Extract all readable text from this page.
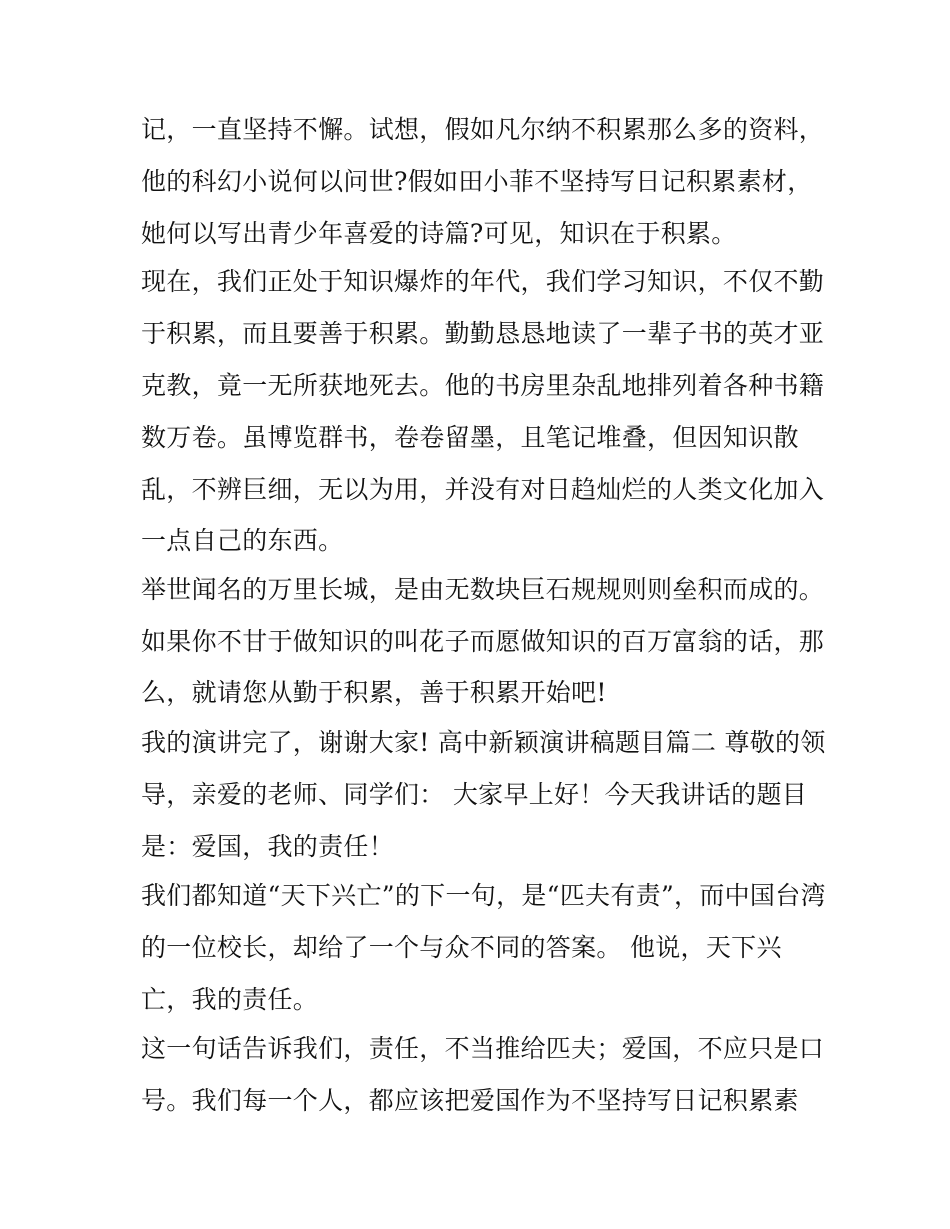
记，一直坚持不懈。试想，假如凡尔纳不积累那么多的资料，
他的科幻小说何以问世?假如田小菲不坚持写日记积累素材，
她何以写出青少年喜爱的诗篇?可见，知识在于积累。
现在，我们正处于知识爆炸的年代，我们学习知识，不仅不勤
于积累，而且要善于积累。勤勤恳恳地读了一辈子书的英才亚
克教，竟一无所获地死去。他的书房里杂乱地排列着各种书籍
数万卷。虽博览群书，卷卷留墨，且笔记堆叠，但因知识散
乱，不辨巨细，无以为用，并没有对日趋灿烂的人类文化加入
一点自己的东西。
举世闻名的万里长城，是由无数块巨石规规则则垒积而成的。
如果你不甘于做知识的叫花子而愿做知识的百万富翁的话，那
么，就请您从勤于积累，善于积累开始吧!
我的演讲完了，谢谢大家! 高中新颖演讲稿题目篇二 尊敬的领
导，亲爱的老师、同学们： 大家早上好！今天我讲话的题目
是：爱国，我的责任！
我们都知道“天下兴亡”的下一句，是“匹夫有责”，而中国台湾
的一位校长，却给了一个与众不同的答案。 他说，天下兴
亡，我的责任。
这一句话告诉我们，责任，不当推给匹夫；爱国，不应只是口
号。我们每一个人，都应该把爱国作为不坚持写日记积累素
